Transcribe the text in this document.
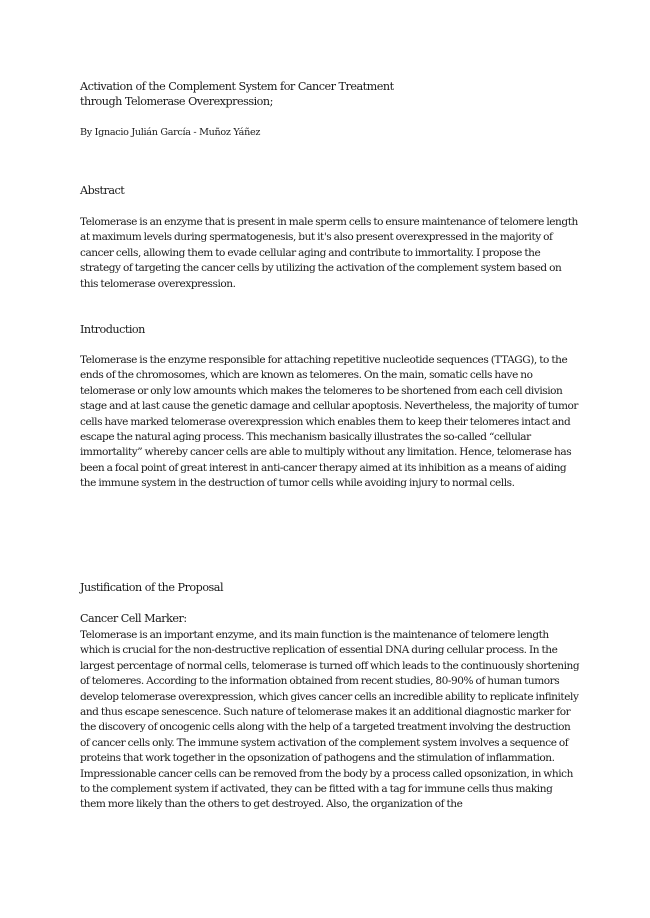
Activation of the Complement System for Cancer Treatment
through Telomerase Overexpression;

By Ignacio Julián García - Muñoz Yáñez

Abstract

Telomerase is an enzyme that is present in male sperm cells to ensure maintenance of telomere length at maximum levels during spermatogenesis, but it's also present overexpressed in the majority of cancer cells, allowing them to evade cellular aging and contribute to immortality. I propose the strategy of targeting the cancer cells by utilizing the activation of the complement system based on this telomerase overexpression.

Introduction

Telomerase is the enzyme responsible for attaching repetitive nucleotide sequences (TTAGG), to the ends of the chromosomes, which are known as telomeres. On the main, somatic cells have no telomerase or only low amounts which makes the telomeres to be shortened from each cell division stage and at last cause the genetic damage and cellular apoptosis. Nevertheless, the majority of tumor cells have marked telomerase overexpression which enables them to keep their telomeres intact and escape the natural aging process. This mechanism basically illustrates the so-called “cellular immortality” whereby cancer cells are able to multiply without any limitation. Hence, telomerase has been a focal point of great interest in anti-cancer therapy aimed at its inhibition as a means of aiding the immune system in the destruction of tumor cells while avoiding injury to normal cells.

Justification of the Proposal

Cancer Cell Marker:

Telomerase is an important enzyme, and its main function is the maintenance of telomere length which is crucial for the non-destructive replication of essential DNA during cellular process. In the largest percentage of normal cells, telomerase is turned off which leads to the continuously shortening of telomeres. According to the information obtained from recent studies, 80-90% of human tumors develop telomerase overexpression, which gives cancer cells an incredible ability to replicate infinitely and thus escape senescence. Such nature of telomerase makes it an additional diagnostic marker for the discovery of oncogenic cells along with the help of a targeted treatment involving the destruction of cancer cells only. The immune system activation of the complement system involves a sequence of proteins that work together in the opsonization of pathogens and the stimulation of inflammation. Impressionable cancer cells can be removed from the body by a process called opsonization, in which to the complement system if activated, they can be fitted with a tag for immune cells thus making them more likely than the others to get destroyed. Also, the organization of the
